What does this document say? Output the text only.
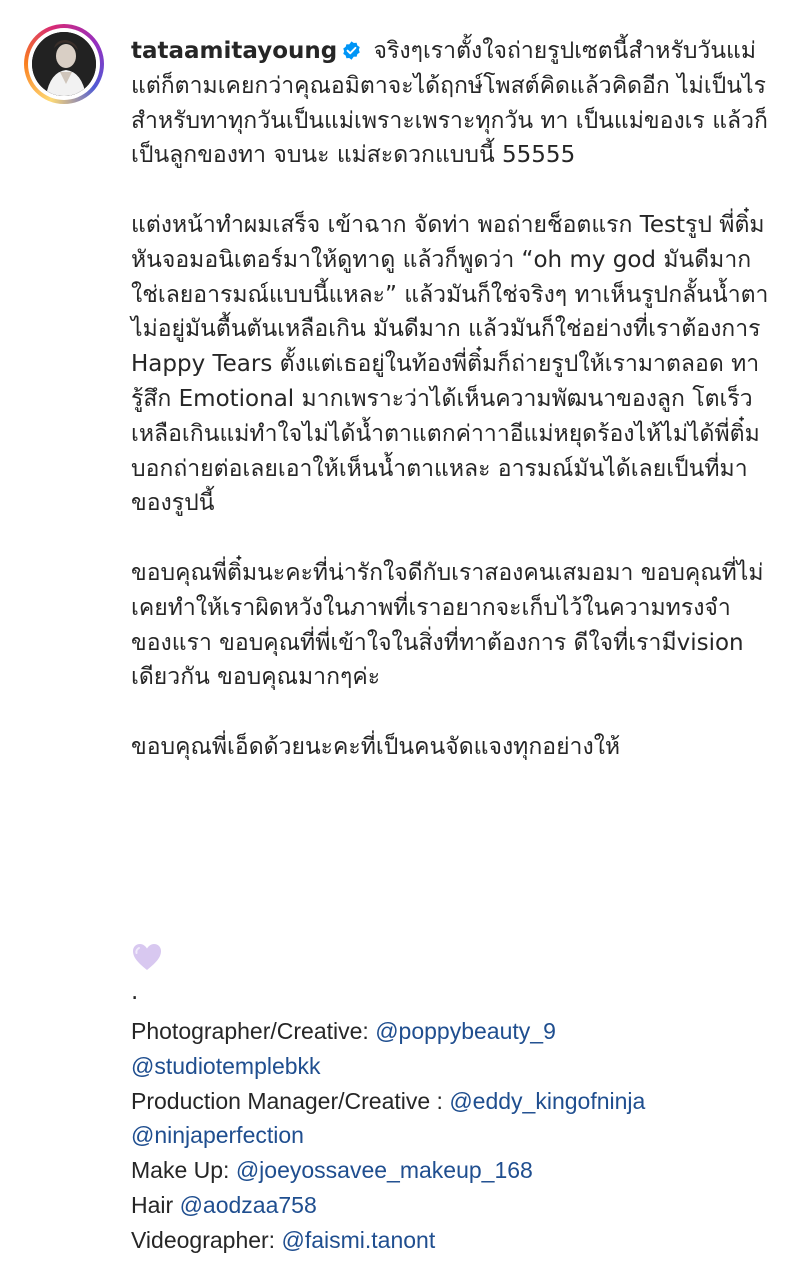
tataamitayoung จริงๆเราตั้งใจถ่ายรูปเซตนี้สำหรับวันแม่แต่ก็ตามเคยกว่าคุณอมิตาจะได้ฤกษ์โพสต์คิดแล้วคิดอีก ไม่เป็นไรสำหรับทาทุกวันเป็นแม่เพราะเพราะทุกวัน ทา เป็นแม่ของเร แล้วก็เป็นลูกของทา จบนะ แม่สะดวกแบบนี้ 55555

แต่งหน้าทำผมเสร็จ เข้าฉาก จัดท่า พอถ่ายช็อตแรก Testรูป พี่ติ๋มหันจอมอนิเตอร์มาให้ดูทาดู แล้วก็พูดว่า “oh my god มันดีมาก ใช่เลยอารมณ์แบบนี้แหละ” แล้วมันก็ใช่จริงๆ ทาเห็นรูปกลั้นน้ำตาไม่อยู่มันตื้นตันเหลือเกิน มันดีมาก แล้วมันก็ใช่อย่างที่เราต้องการ Happy Tears ตั้งแต่เธอยู่ในท้องพี่ติ๋มก็ถ่ายรูปให้เรามาตลอด ทารู้สึก Emotional มากเพราะว่าได้เห็นความพัฒนาของลูก โตเร็วเหลือเกินแม่ทำใจไม่ได้น้ำตาแตกค่าาาอีแม่หยุดร้องไห้ไม่ได้พี่ติ๋มบอกถ่ายต่อเลยเอาให้เห็นน้ำตาแหละ อารมณ์มันได้เลยเป็นที่มาของรูปนี้

ขอบคุณพี่ติ๋มนะคะที่น่ารักใจดีกับเราสองคนเสมอมา ขอบคุณที่ไม่เคยทำให้เราผิดหวังในภาพที่เราอยากจะเก็บไว้ในความทรงจำของแรา ขอบคุณที่พี่เข้าใจในสิ่งที่ทาต้องการ ดีใจที่เรามีvision เดียวกัน ขอบคุณมากๆค่ะ

ขอบคุณพี่เอ็ดด้วยนะคะที่เป็นคนจัดแจงทุกอย่างให้
.
Photographer/Creative: @poppybeauty_9
@studiotemplebkk
Production Manager/Creative : @eddy_kingofninja
@ninjaperfection
Make Up: @joeyossavee_makeup_168
Hair @aodzaa758
Videographer: @faismi.tanont
